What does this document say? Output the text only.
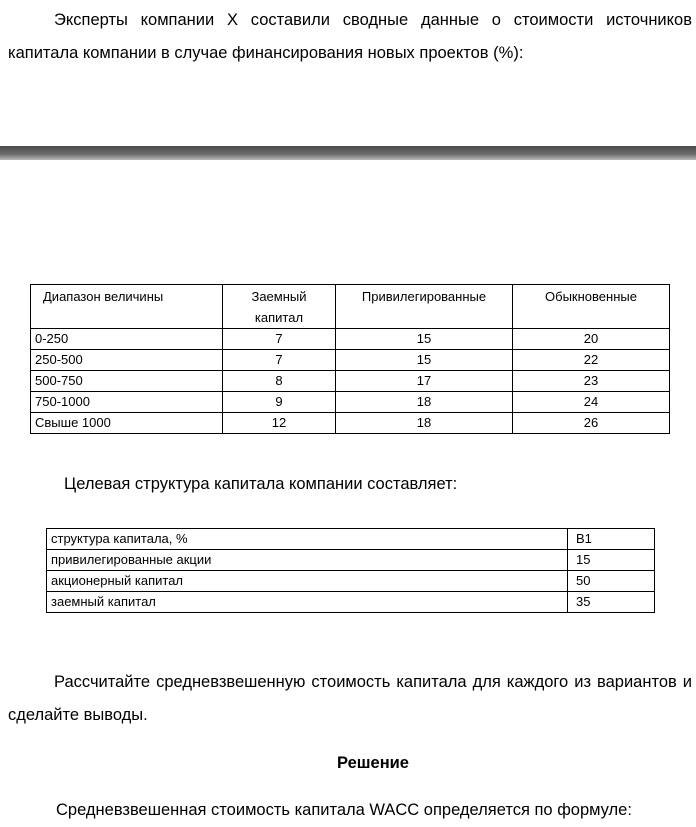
Эксперты компании Х составили сводные данные о стоимости источников капитала компании в случае финансирования новых проектов (%):
Диапазон величины	Заемный капитал	Привилегированные	Обыкновенные
0-250	7	15	20
250-500	7	15	22
500-750	8	17	23
750-1000	9	18	24
Свыше 1000	12	18	26
Целевая структура капитала компании составляет:
структура капитала, %	В1
привилегированные акции	15
акционерный капитал	50
заемный капитал	35
Рассчитайте средневзвешенную стоимость капитала для каждого из вариантов и сделайте выводы.
Решение
Средневзвешенная стоимость капитала WACC определяется по формуле:
